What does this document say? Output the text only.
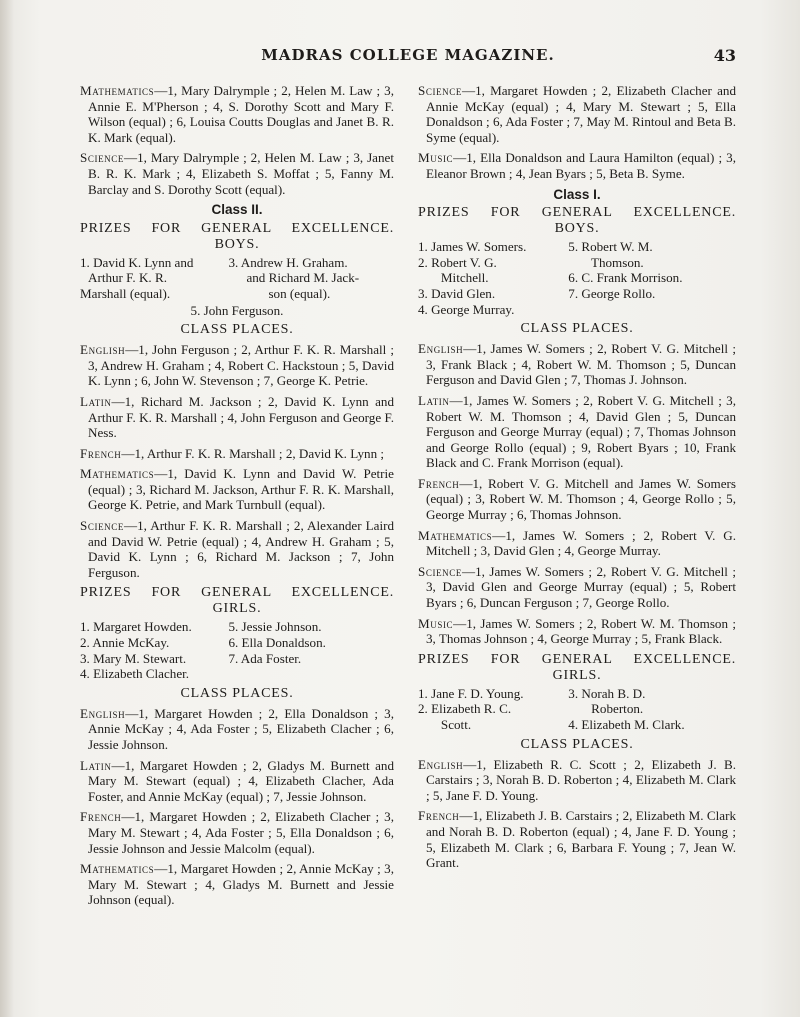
MADRAS COLLEGE MAGAZINE.	43

Mathematics—1, Mary Dalrymple ; 2, Helen M. Law ; 3, Annie E. M'Pherson ; 4, S. Dorothy Scott and Mary F. Wilson (equal) ; 6, Louisa Coutts Douglas and Janet B. R. K. Mark (equal).

Science—1, Mary Dalrymple ; 2, Helen M. Law ; 3, Janet B. R. K. Mark ; 4, Elizabeth S. Moffat ; 5, Fanny M. Barclay and S. Dorothy Scott (equal).

Class II.
PRIZES FOR GENERAL EXCELLENCE.
BOYS.
1. David K. Lynn and	3. Andrew H. Graham.
Arthur F. K. R.	and Richard M. Jack-
Marshall (equal).	son (equal).
5. John Ferguson.
CLASS PLACES.

English—1, John Ferguson ; 2, Arthur F. K. R. Marshall ; 3, Andrew H. Graham ; 4, Robert C. Hackstoun ; 5, David K. Lynn ; 6, John W. Stevenson ; 7, George K. Petrie.

Latin—1, Richard M. Jackson ; 2, David K. Lynn and Arthur F. K. R. Marshall ; 4, John Ferguson and George F. Ness.

French—1, Arthur F. K. R. Marshall ; 2, David K. Lynn ;

Mathematics—1, David K. Lynn and David W. Petrie (equal) ; 3, Richard M. Jackson, Arthur F. R. K. Marshall, George K. Petrie, and Mark Turnbull (equal).

Science—1, Arthur F. K. R. Marshall ; 2, Alexander Laird and David W. Petrie (equal) ; 4, Andrew H. Graham ; 5, David K. Lynn ; 6, Richard M. Jackson ; 7, John Ferguson.

PRIZES FOR GENERAL EXCELLENCE.
GIRLS.
1. Margaret Howden.	5. Jessie Johnson.
2. Annie McKay.	6. Ella Donaldson.
3. Mary M. Stewart.	7. Ada Foster.
4. Elizabeth Clacher.
CLASS PLACES.

English—1, Margaret Howden ; 2, Ella Donaldson ; 3, Annie McKay ; 4, Ada Foster ; 5, Elizabeth Clacher ; 6, Jessie Johnson.

Latin—1, Margaret Howden ; 2, Gladys M. Burnett and Mary M. Stewart (equal) ; 4, Elizabeth Clacher, Ada Foster, and Annie McKay (equal) ; 7, Jessie Johnson.

French—1, Margaret Howden ; 2, Elizabeth Clacher ; 3, Mary M. Stewart ; 4, Ada Foster ; 5, Ella Donaldson ; 6, Jessie Johnson and Jessie Malcolm (equal).

Mathematics—1, Margaret Howden ; 2, Annie McKay ; 3, Mary M. Stewart ; 4, Gladys M. Burnett and Jessie Johnson (equal).

Science—1, Margaret Howden ; 2, Elizabeth Clacher and Annie McKay (equal) ; 4, Mary M. Stewart ; 5, Ella Donaldson ; 6, Ada Foster ; 7, May M. Rintoul and Beta B. Syme (equal).

Music—1, Ella Donaldson and Laura Hamilton (equal) ; 3, Eleanor Brown ; 4, Jean Byars ; 5, Beta B. Syme.

Class I.
PRIZES FOR GENERAL EXCELLENCE.
BOYS.
1. James W. Somers.	5. Robert W. M.
2. Robert V. G.	Thomson.
Mitchell.	6. C. Frank Morrison.
3. David Glen.	7. George Rollo.
4. George Murray.
CLASS PLACES.

English—1, James W. Somers ; 2, Robert V. G. Mitchell ; 3, Frank Black ; 4, Robert W. M. Thomson ; 5, Duncan Ferguson and David Glen ; 7, Thomas J. Johnson.

Latin—1, James W. Somers ; 2, Robert V. G. Mitchell ; 3, Robert W. M. Thomson ; 4, David Glen ; 5, Duncan Ferguson and George Murray (equal) ; 7, Thomas Johnson and George Rollo (equal) ; 9, Robert Byars ; 10, Frank Black and C. Frank Morrison (equal).

French—1, Robert V. G. Mitchell and James W. Somers (equal) ; 3, Robert W. M. Thomson ; 4, George Rollo ; 5, George Murray ; 6, Thomas Johnson.

Mathematics—1, James W. Somers ; 2, Robert V. G. Mitchell ; 3, David Glen ; 4, George Murray.

Science—1, James W. Somers ; 2, Robert V. G. Mitchell ; 3, David Glen and George Murray (equal) ; 5, Robert Byars ; 6, Duncan Ferguson ; 7, George Rollo.

Music—1, James W. Somers ; 2, Robert W. M. Thomson ; 3, Thomas Johnson ; 4, George Murray ; 5, Frank Black.

PRIZES FOR GENERAL EXCELLENCE.
GIRLS.
1. Jane F. D. Young.	3. Norah B. D.
2. Elizabeth R. C.	Roberton.
Scott.	4. Elizabeth M. Clark.
CLASS PLACES.

English—1, Elizabeth R. C. Scott ; 2, Elizabeth J. B. Carstairs ; 3, Norah B. D. Roberton ; 4, Elizabeth M. Clark ; 5, Jane F. D. Young.

French—1, Elizabeth J. B. Carstairs ; 2, Elizabeth M. Clark and Norah B. D. Roberton (equal) ; 4, Jane F. D. Young ; 5, Elizabeth M. Clark ; 6, Barbara F. Young ; 7, Jean W. Grant.
